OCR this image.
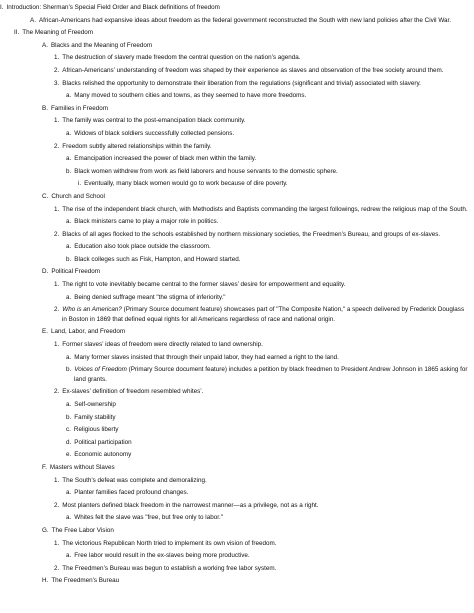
I. Introduction: Sherman’s Special Field Order and Black definitions of freedom
A. African-Americans had expansive ideas about freedom as the federal government reconstructed the South with new land policies after the Civil War.
II. The Meaning of Freedom
A. Blacks and the Meaning of Freedom
1. The destruction of slavery made freedom the central question on the nation’s agenda.
2. African-Americans’ understanding of freedom was shaped by their experience as slaves and observation of the free society around them.
3. Blacks relished the opportunity to demonstrate their liberation from the regulations (significant and trivial) associated with slavery.
a. Many moved to southern cities and towns, as they seemed to have more freedoms.
B. Families in Freedom
1. The family was central to the post-emancipation black community.
a. Widows of black soldiers successfully collected pensions.
2. Freedom subtly altered relationships within the family.
a. Emancipation increased the power of black men within the family.
b. Black women withdrew from work as field laborers and house servants to the domestic sphere.
i. Eventually, many black women would go to work because of dire poverty.
C. Church and School
1. The rise of the independent black church, with Methodists and Baptists commanding the largest followings, redrew the religious map of the South.
a. Black ministers came to play a major role in politics.
2. Blacks of all ages flocked to the schools established by northern missionary societies, the Freedmen’s Bureau, and groups of ex-slaves.
a. Education also took place outside the classroom.
b. Black colleges such as Fisk, Hampton, and Howard started.
D. Political Freedom
1. The right to vote inevitably became central to the former slaves’ desire for empowerment and equality.
a. Being denied suffrage meant "the stigma of inferiority."
2. Who is an American? (Primary Source document feature) showcases part of "The Composite Nation," a speech delivered by Frederick Douglass in Boston in 1869 that defined equal rights for all Americans regardless of race and national origin.
E. Land, Labor, and Freedom
1. Former slaves’ ideas of freedom were directly related to land ownership.
a. Many former slaves insisted that through their unpaid labor, they had earned a right to the land.
b. Voices of Freedom (Primary Source document feature) includes a petition by black freedmen to President Andrew Johnson in 1865 asking for land grants.
2. Ex-slaves’ definition of freedom resembled whites’.
a. Self-ownership
b. Family stability
c. Religious liberty
d. Political participation
e. Economic autonomy
F. Masters without Slaves
1. The South’s defeat was complete and demoralizing.
a. Planter families faced profound changes.
2. Most planters defined black freedom in the narrowest manner—as a privilege, not as a right.
a. Whites felt the slave was "free, but free only to labor."
G. The Free Labor Vision
1. The victorious Republican North tried to implement its own vision of freedom.
a. Free labor would result in the ex-slaves being more productive.
2. The Freedmen’s Bureau was begun to establish a working free labor system.
H. The Freedmen’s Bureau
